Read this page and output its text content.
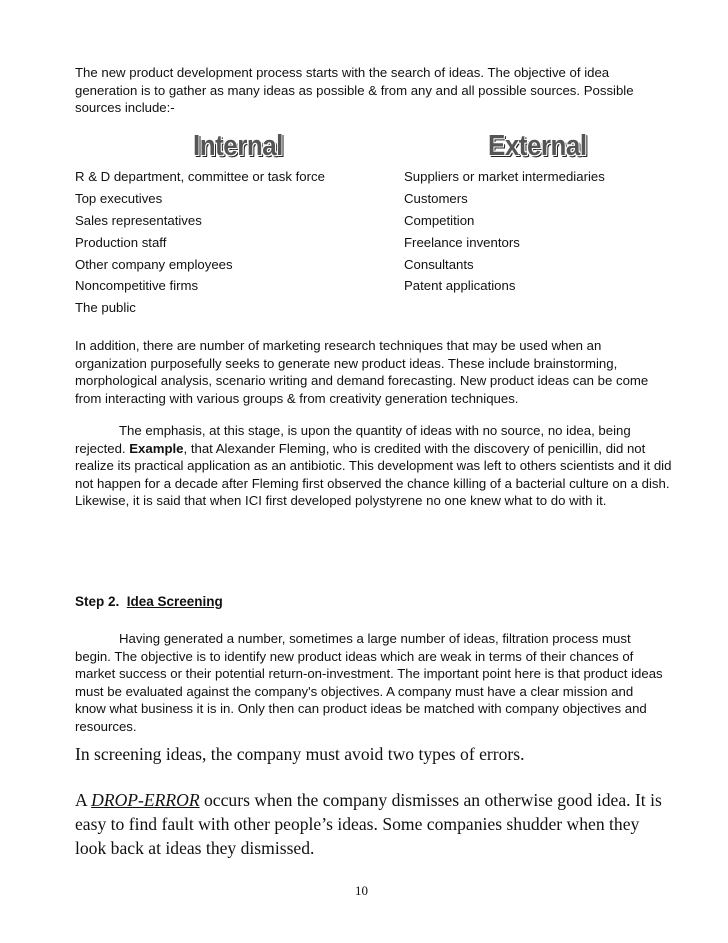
The new product development process starts with the search of ideas. The objective of idea generation is to gather as many ideas as possible & from any and all possible sources. Possible sources include:-
Internal	External
R & D department, committee or task force
Top executives
Sales representatives
Production staff
Other company employees
Noncompetitive firms
The public
Suppliers or market intermediaries
Customers
Competition
Freelance inventors
Consultants
Patent applications
In addition, there are number of marketing research techniques that may be used when an organization purposefully seeks to generate new product ideas. These include brainstorming, morphological analysis, scenario writing and demand forecasting. New product ideas can be come from interacting with various groups & from creativity generation techniques.
The emphasis, at this stage, is upon the quantity of ideas with no source, no idea, being rejected. Example, that Alexander Fleming, who is credited with the discovery of penicillin, did not realize its practical application as an antibiotic. This development was left to others scientists and it did not happen for a decade after Fleming first observed the chance killing of a bacterial culture on a dish. Likewise, it is said that when ICI first developed polystyrene no one knew what to do with it.
Step 2.  Idea Screening
Having generated a number, sometimes a large number of ideas, filtration process must begin. The objective is to identify new product ideas which are weak in terms of their chances of market success or their potential return-on-investment. The important point here is that product ideas must be evaluated against the company's objectives. A company must have a clear mission and know what business it is in. Only then can product ideas be matched with company objectives and resources.
In screening ideas, the company must avoid two types of errors.
A DROP-ERROR occurs when the company dismisses an otherwise good idea. It is easy to find fault with other people’s ideas. Some companies shudder when they look back at ideas they dismissed.
10
